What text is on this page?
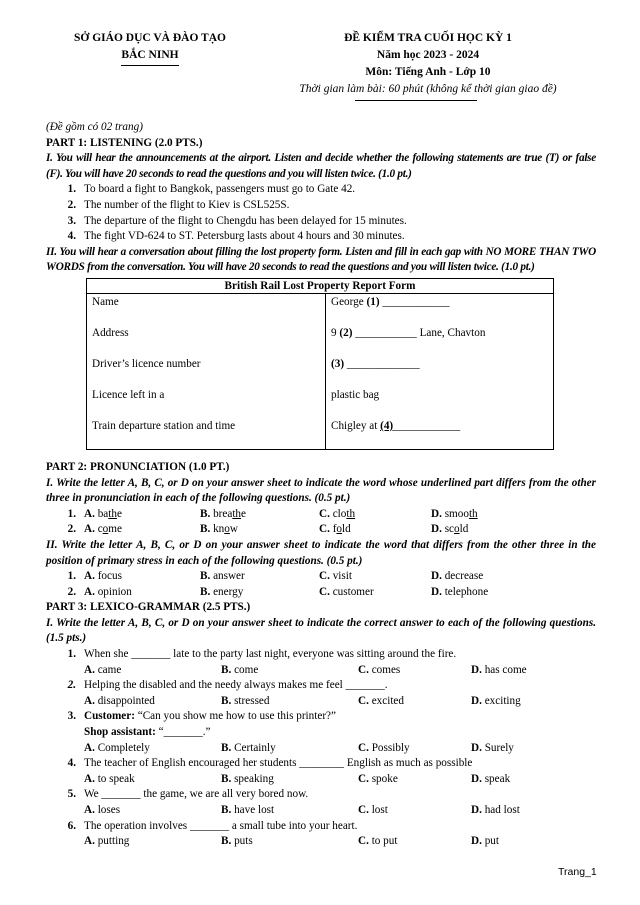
SỞ GIÁO DỤC VÀ ĐÀO TẠO
BẮC NINH
ĐỀ KIỂM TRA CUỐI HỌC KỲ 1
Năm học 2023 - 2024
Môn: Tiếng Anh - Lớp 10
Thời gian làm bài: 60 phút (không kể thời gian giao đề)
(Đề gồm có 02 trang)
PART 1: LISTENING (2.0 PTS.)
I. You will hear the announcements at the airport. Listen and decide whether the following statements are true (T) or false (F). You will have 20 seconds to read the questions and you will listen twice. (1.0 pt.)
1. To board a fight to Bangkok, passengers must go to Gate 42.
2. The number of the flight to Kiev is CSL525S.
3. The departure of the flight to Chengdu has been delayed for 15 minutes.
4. The fight VD-624 to ST. Petersburg lasts about 4 hours and 30 minutes.
II. You will hear a conversation about filling the lost property form. Listen and fill in each gap with NO MORE THAN TWO WORDS from the conversation. You will have 20 seconds to read the questions and you will listen twice. (1.0 pt.)
British Rail Lost Property Report Form	
Name	George (1) ____________
Address	9 (2) ___________ Lane, Chavton
Driver’s licence number	(3) _____________
Licence left in a	plastic bag
Train departure station and time	Chigley at (4)____________
PART 2: PRONUNCIATION (1.0 PT.)
I. Write the letter A, B, C, or D on your answer sheet to indicate the word whose underlined part differs from the other three in pronunciation in each of the following questions. (0.5 pt.)
1. A. bathe	B. breathe	C. cloth	D. smooth
2. A. come	B. know	C. fold	D. scold
II. Write the letter A, B, C, or D on your answer sheet to indicate the word that differs from the other three in the position of primary stress in each of the following questions. (0.5 pt.)
1. A. focus	B. answer	C. visit	D. decrease
2. A. opinion	B. energy	C. customer	D. telephone
PART 3: LEXICO-GRAMMAR (2.5 PTS.)
I. Write the letter A, B, C, or D on your answer sheet to indicate the correct answer to each of the following questions. (1.5 pts.)
1. When she _______ late to the party last night, everyone was sitting around the fire.
A. came	B. come	C. comes	D. has come
2. Helping the disabled and the needy always makes me feel _______.
A. disappointed	B. stressed	C. excited	D. exciting
3. Customer: “Can you show me how to use this printer?”
Shop assistant: “_______.”
A. Completely	B. Certainly	C. Possibly	D. Surely
4. The teacher of English encouraged her students ________ English as much as possible
A. to speak	B. speaking	C. spoke	D. speak
5. We _______ the game, we are all very bored now.
A. loses	B. have lost	C. lost	D. had lost
6. The operation involves _______ a small tube into your heart.
A. putting	B. puts	C. to put	D. put
Trang_1
